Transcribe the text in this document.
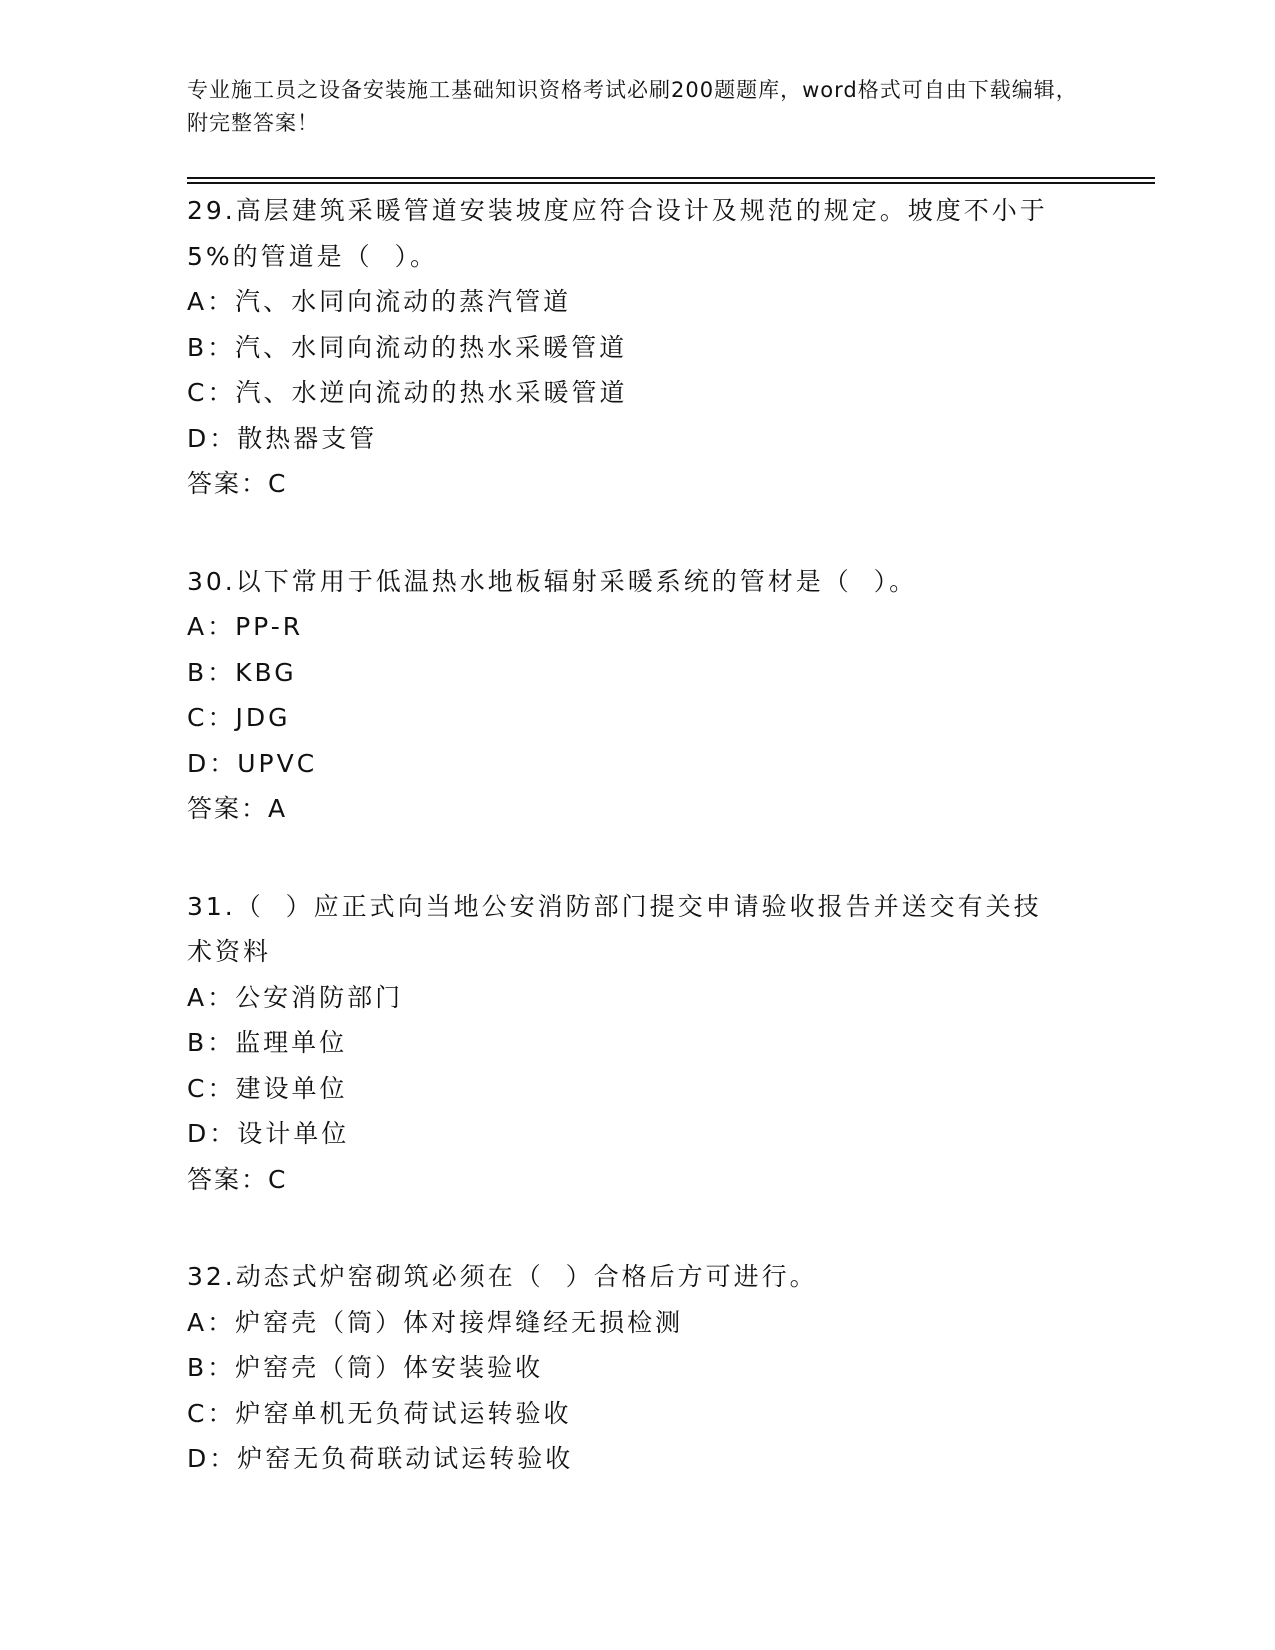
专业施工员之设备安装施工基础知识资格考试必刷200题题库，word格式可自由下载编辑，附完整答案！
29.高层建筑采暖管道安装坡度应符合设计及规范的规定。坡度不小于5%的管道是（  ）。
A：汽、水同向流动的蒸汽管道
B：汽、水同向流动的热水采暖管道
C：汽、水逆向流动的热水采暖管道
D：散热器支管
答案：C
30.以下常用于低温热水地板辐射采暖系统的管材是（  ）。
A：PP-R
B：KBG
C：JDG
D：UPVC
答案：A
31.（  ）应正式向当地公安消防部门提交申请验收报告并送交有关技术资料
A：公安消防部门
B：监理单位
C：建设单位
D：设计单位
答案：C
32.动态式炉窑砌筑必须在（  ）合格后方可进行。
A：炉窑壳（筒）体对接焊缝经无损检测
B：炉窑壳（筒）体安装验收
C：炉窑单机无负荷试运转验收
D：炉窑无负荷联动试运转验收
